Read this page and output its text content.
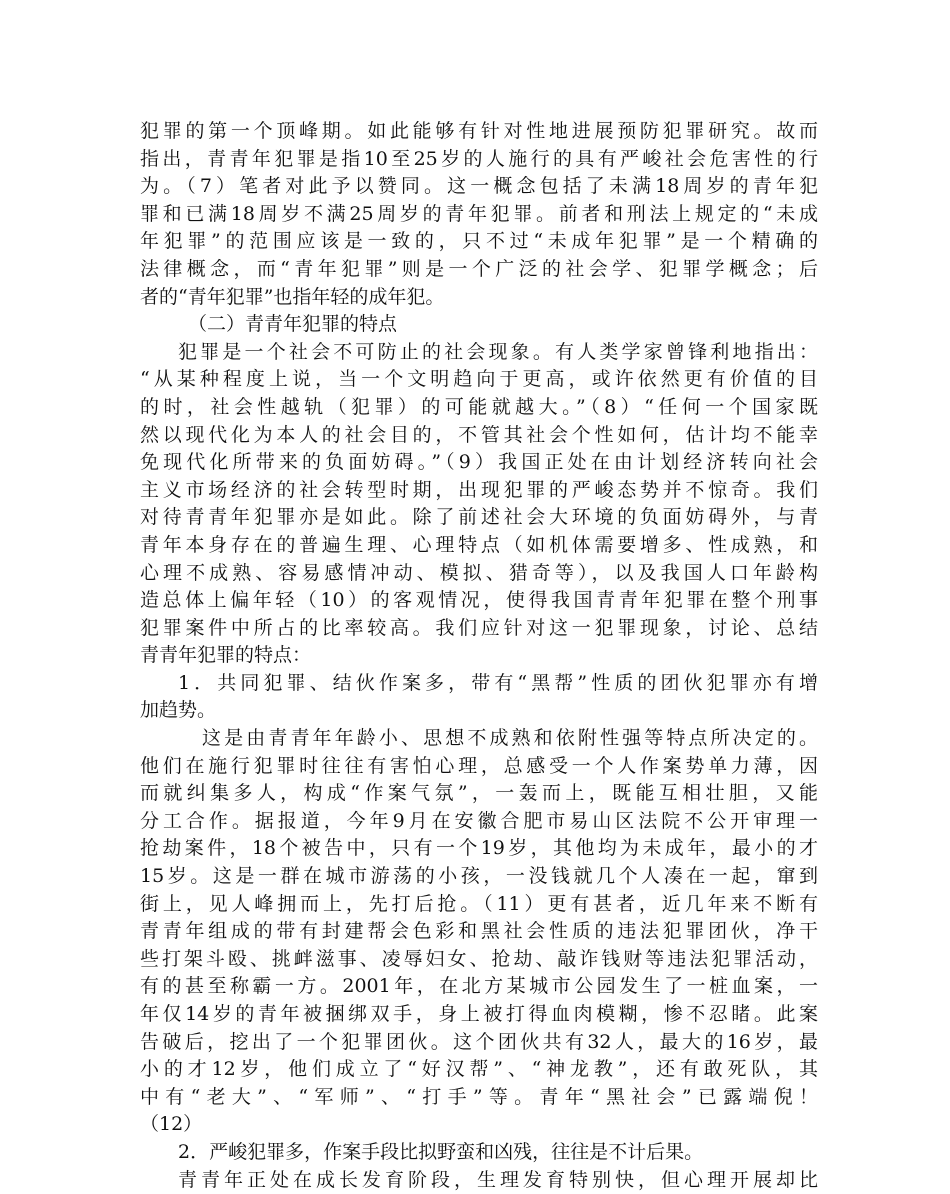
犯罪的第一个顶峰期。如此能够有针对性地进展预防犯罪研究。故而
指出，青青年犯罪是指10至25岁的人施行的具有严峻社会危害性的行
为。（7）笔者对此予以赞同。这一概念包括了未满18周岁的青年犯
罪和已满18周岁不满25周岁的青年犯罪。前者和刑法上规定的“未成
年犯罪”的范围应该是一致的，只不过“未成年犯罪”是一个精确的
法律概念，而“青年犯罪”则是一个广泛的社会学、犯罪学概念；后
者的“青年犯罪”也指年轻的成年犯。
（二）青青年犯罪的特点
犯罪是一个社会不可防止的社会现象。有人类学家曾锋利地指出：
“从某种程度上说，当一个文明趋向于更高，或许依然更有价值的目
的时，社会性越轨（犯罪）的可能就越大。”（8）“任何一个国家既
然以现代化为本人的社会目的，不管其社会个性如何，估计均不能幸
免现代化所带来的负面妨碍。”（9）我国正处在由计划经济转向社会
主义市场经济的社会转型时期，出现犯罪的严峻态势并不惊奇。我们
对待青青年犯罪亦是如此。除了前述社会大环境的负面妨碍外，与青
青年本身存在的普遍生理、心理特点（如机体需要增多、性成熟，和
心理不成熟、容易感情冲动、模拟、猎奇等），以及我国人口年龄构
造总体上偏年轻（10）的客观情况，使得我国青青年犯罪在整个刑事
犯罪案件中所占的比率较高。我们应针对这一犯罪现象，讨论、总结
青青年犯罪的特点：
1．共同犯罪、结伙作案多，带有“黑帮”性质的团伙犯罪亦有增
加趋势。
这是由青青年年龄小、思想不成熟和依附性强等特点所决定的。
他们在施行犯罪时往往有害怕心理，总感受一个人作案势单力薄，因
而就纠集多人，构成“作案气氛”，一轰而上，既能互相壮胆，又能
分工合作。据报道，今年9月在安徽合肥市易山区法院不公开审理一
抢劫案件，18个被告中，只有一个19岁，其他均为未成年，最小的才
15岁。这是一群在城市游荡的小孩，一没钱就几个人凑在一起，窜到
街上，见人峰拥而上，先打后抢。（11）更有甚者，近几年来不断有
青青年组成的带有封建帮会色彩和黑社会性质的违法犯罪团伙，净干
些打架斗殴、挑衅滋事、凌辱妇女、抢劫、敲诈钱财等违法犯罪活动，
有的甚至称霸一方。2001年，在北方某城市公园发生了一桩血案，一
年仅14岁的青年被捆绑双手，身上被打得血肉模糊，惨不忍睹。此案
告破后，挖出了一个犯罪团伙。这个团伙共有32人，最大的16岁，最
小的才12岁，他们成立了“好汉帮”、“神龙教”，还有敢死队，其
中有“老大”、“军师”、“打手”等。青年“黑社会”已露端倪！
（12）
2．严峻犯罪多，作案手段比拟野蛮和凶残，往往是不计后果。
青青年正处在成长发育阶段，生理发育特别快，但心理开展却比
